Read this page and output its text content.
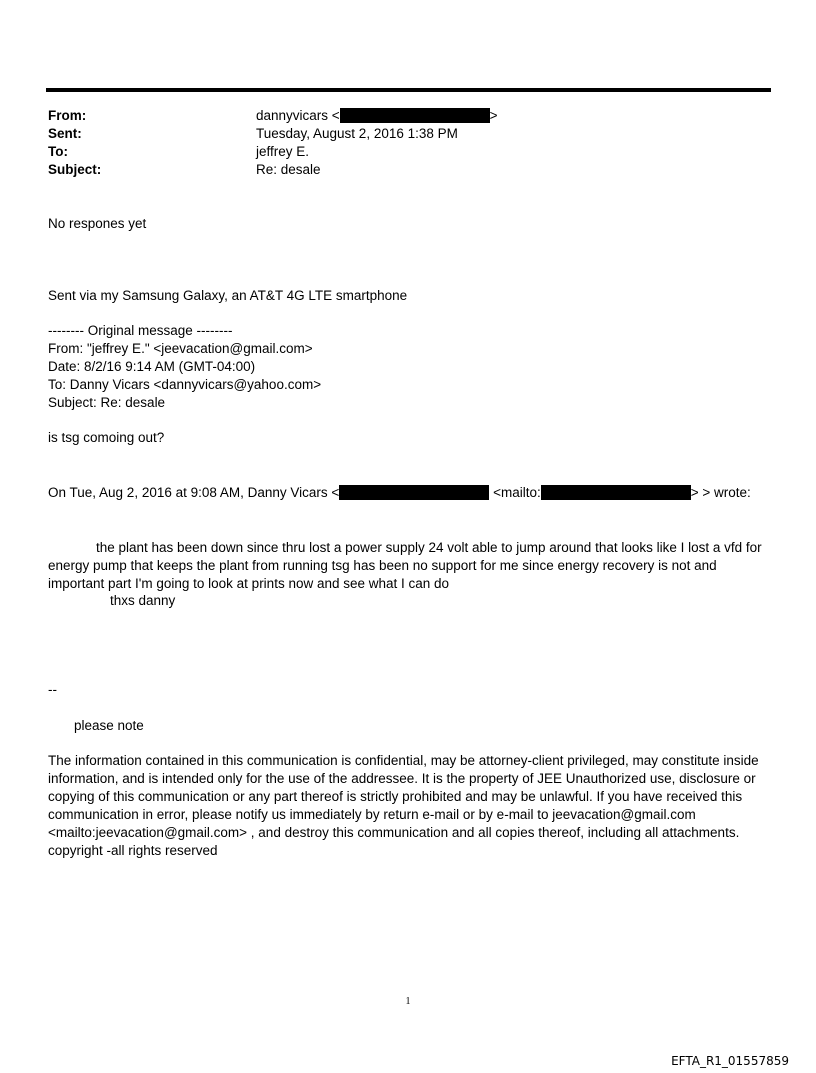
From:	dannyvicars <	>
Sent:	Tuesday, August 2, 2016 1:38 PM
To:	jeffrey E.
Subject:	Re: desale
No respones yet
Sent via my Samsung Galaxy, an AT&T 4G LTE smartphone
-------- Original message --------
From: "jeffrey E." <jeevacation@gmail.com>
Date: 8/2/16 9:14 AM (GMT-04:00)
To: Danny Vicars <dannyvicars@yahoo.com>
Subject: Re: desale
is tsg comoing out?
On Tue, Aug 2, 2016 at 9:08 AM, Danny Vicars <	<mailto:	> > wrote:
the plant has been down since thru lost a power supply 24 volt able to jump around that looks like I lost a vfd for energy pump that keeps the plant from running tsg has been no support for me since energy recovery is not and important part I'm going to look at prints now and see what I can do
thxs danny
--
please note
The information contained in this communication is confidential, may be attorney-client privileged, may constitute inside information, and is intended only for the use of the addressee. It is the property of JEE Unauthorized use, disclosure or copying of this communication or any part thereof is strictly prohibited and may be unlawful. If you have received this communication in error, please notify us immediately by return e-mail or by e-mail to jeevacation@gmail.com <mailto:jeevacation@gmail.com> , and destroy this communication and all copies thereof, including all attachments. copyright -all rights reserved
1
EFTA_R1_01557859
